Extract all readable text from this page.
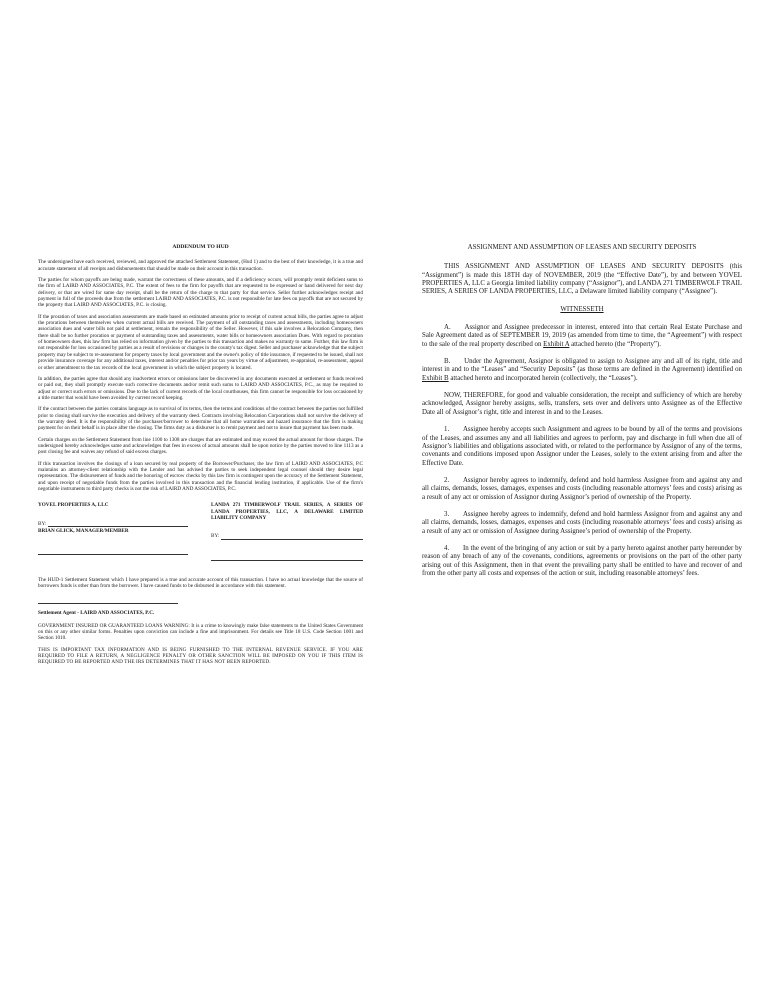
ADDENDUM TO HUD

The undersigned have each received, reviewed, and approved the attached Settlement Statement, (Hud 1) and to the best of their knowledge, it is a true and accurate statement of all receipts and disbursements that should be made on their account in this transaction.

The parties for whom payoffs are being made, warrant the correctness of these amounts, and if a deficiency occurs, will promptly remit deficient sums to the firm of LAIRD AND ASSOCIATES, P.C. The extent of fees to the firm for payoffs that are requested to be expressed or hand delivered for next day delivery, or that are wired for same day receipt, shall be the return of the charge to that party for that service. Seller further acknowledges receipt and payment in full of the proceeds due from the settlement LAIRD AND ASSOCIATES, P.C. is not responsible for late fees on payoffs that are not secured by the property that LAIRD AND ASSOCIATES, P.C. is closing.

If the proration of taxes and association assessments are made based on estimated amounts prior to receipt of current actual bills, the parties agree to adjust the prorations between themselves when current actual bills are received. The payment of all outstanding taxes and assessments, including homeowners association dues and water bills not paid at settlement, remain the responsibility of the Seller. However, if this sale involves a Relocation Company, then there shall be no further proration or payment of outstanding taxes and assessments, water bills or homeowners association Dues. With regard to proration of homeowners dues, this law firm has relied on information given by the parties to this transaction and makes no warranty to same. Further, this law firm is not responsible for loss occasioned by parties as a result of revisions or changes in the county's tax digest. Seller and purchaser acknowledge that the subject property may be subject to re-assessment for property taxes by local government and the owner's policy of title insurance, if requested to be issued, shall not provide insurance coverage for any additional taxes, interest and/or penalties for prior tax years by virtue of adjustment, re-appraisal, re-assessment, appeal or other amendment to the tax records of the local government in which the subject property is located.

In addition, the parties agree that should any inadvertent errors or omissions later be discovered in any documents executed at settlement or funds received or paid out, they shall promptly execute such corrective documents and/or remit such sums to LAIRD AND ASSOCIATES, P.C., as may be required to adjust or correct such errors or omissions. Due to the lack of current records of the local courthouses, this firm cannot be responsible for loss occasioned by a title matter that would have been avoided by current record keeping.

If the contract between the parties contains language as to survival of its terms, then the terms and conditions of the contract between the parties not fulfilled prior to closing shall survive the execution and delivery of the warranty deed. Contracts involving Relocation Corporations shall not survive the delivery of the warranty deed. It is the responsibility of the purchaser/borrower to determine that all home warranties and hazard insurance that the firm is making payment for on their behalf is in place after the closing. The firms duty as a disburser is to remit payment and not to insure that payment has been made.

Certain charges on the Settlement Statement from line 1100 to 1308 are charges that are estimated and may exceed the actual amount for those charges. The undersigned hereby acknowledges same and acknowledges that fees in excess of actual amounts shall be upon notice by the parties moved to line 1113 as a post closing fee and waives any refund of said excess charges.

If this transaction involves the closings of a loan secured by real property of the Borrower/Purchaser, the law firm of LAIRD AND ASSOCIATES, P.C maintains an attorney-client relationship with the Lender and has advised the parties to seek independent legal counsel should they desire legal representation. The disbursement of funds and the honoring of escrow checks by this law firm is contingent upon the accuracy of the Settlement Statement, and upon receipt of negotiable funds from the parties involved in this transaction and the financial lending institution, if applicable. Use of the firm's negotiable instruments to third party checks is not the risk of LAIRD AND ASSOCIATES, P.C.

YOVEL PROPERTIES A, LLC
BY:
BRIAN GLICK, MANAGER/MEMBER
LANDA 271 TIMBERWOLF TRAIL SERIES, A SERIES OF LANDA PROPERTIES, LLC, A DELAWARE LIMITED LIABILITY COMPANY
BY:

The HUD-1 Settlement Statement which I have prepared is a true and accurate account of this transaction. I have no actual knowledge that the source of borrowers funds is other than from the borrower. I have caused funds to be disbursed in accordance with this statement.

Settlement Agent - LAIRD AND ASSOCIATES, P.C.

GOVERNMENT INSURED OR GUARANTEED LOANS WARNING: It is a crime to knowingly make false statements to the United States Government on this or any other similar forms. Penalties upon conviction can include a fine and imprisonment. For details see Title 18 U.S. Code Section 1001 and Section 1010.

THIS IS IMPORTANT TAX INFORMATION AND IS BEING FURNISHED TO THE INTERNAL REVENUE SERVICE. IF YOU ARE REQUIRED TO FILE A RETURN, A NEGLIGENCE PENALTY OR OTHER SANCTION WILL BE IMPOSED ON YOU IF THIS ITEM IS REQUIRED TO BE REPORTED AND THE IRS DETERMINES THAT IT HAS NOT BEEN REPORTED.

ASSIGNMENT AND ASSUMPTION OF LEASES AND SECURITY DEPOSITS

THIS ASSIGNMENT AND ASSUMPTION OF LEASES AND SECURITY DEPOSITS (this “Assignment”) is made this 18TH day of NOVEMBER, 2019 (the “Effective Date”), by and between YOVEL PROPERTIES A, LLC a Georgia limited liability company (“Assignor”), and LANDA 271 TIMBERWOLF TRAIL SERIES, A SERIES OF LANDA PROPERTIES, LLC, a Delaware limited liability company (“Assignee”).

WITNESSETH

A.   Assignor and Assignee predecessor in interest, entered into that certain Real Estate Purchase and Sale Agreement dated as of SEPTEMBER 19, 2019 (as amended from time to time, the “Agreement”) with respect to the sale of the real property described on Exhibit A attached hereto (the “Property”).

B.   Under the Agreement, Assignor is obligated to assign to Assignee any and all of its right, title and interest in and to the “Leases” and “Security Deposits” (as those terms are defined in the Agreement) identified on Exhibit B attached hereto and incorporated herein (collectively, the “Leases”).

NOW, THEREFORE, for good and valuable consideration, the receipt and sufficiency of which are hereby acknowledged, Assignor hereby assigns, sells, transfers, sets over and delivers unto Assignee as of the Effective Date all of Assignor’s right, title and interest in and to the Leases.

1.  Assignee hereby accepts such Assignment and agrees to be bound by all of the terms and provisions of the Leases, and assumes any and all liabilities and agrees to perform, pay and discharge in full when due all of Assignor’s liabilities and obligations associated with, or related to the performance by Assignor of any of the terms, covenants and conditions imposed upon Assignor under the Leases, solely to the extent arising from and after the Effective Date.

2.  Assignor hereby agrees to indemnify, defend and hold harmless Assignee from and against any and all claims, demands, losses, damages, expenses and costs (including reasonable attorneys’ fees and costs) arising as a result of any act or omission of Assignor during Assignor’s period of ownership of the Property.

3.  Assignee hereby agrees to indemnify, defend and hold harmless Assignor from and against any and all claims, demands, losses, damages, expenses and costs (including reasonable attorneys’ fees and costs) arising as a result of any act or omission of Assignee during Assignee’s period of ownership of the Property.

4.  In the event of the bringing of any action or suit by a party hereto against another party hereunder by reason of any breach of any of the covenants, conditions, agreements or provisions on the part of the other party arising out of this Assignment, then in that event the prevailing party shall be entitled to have and recover of and from the other party all costs and expenses of the action or suit, including reasonable attorneys’ fees.
